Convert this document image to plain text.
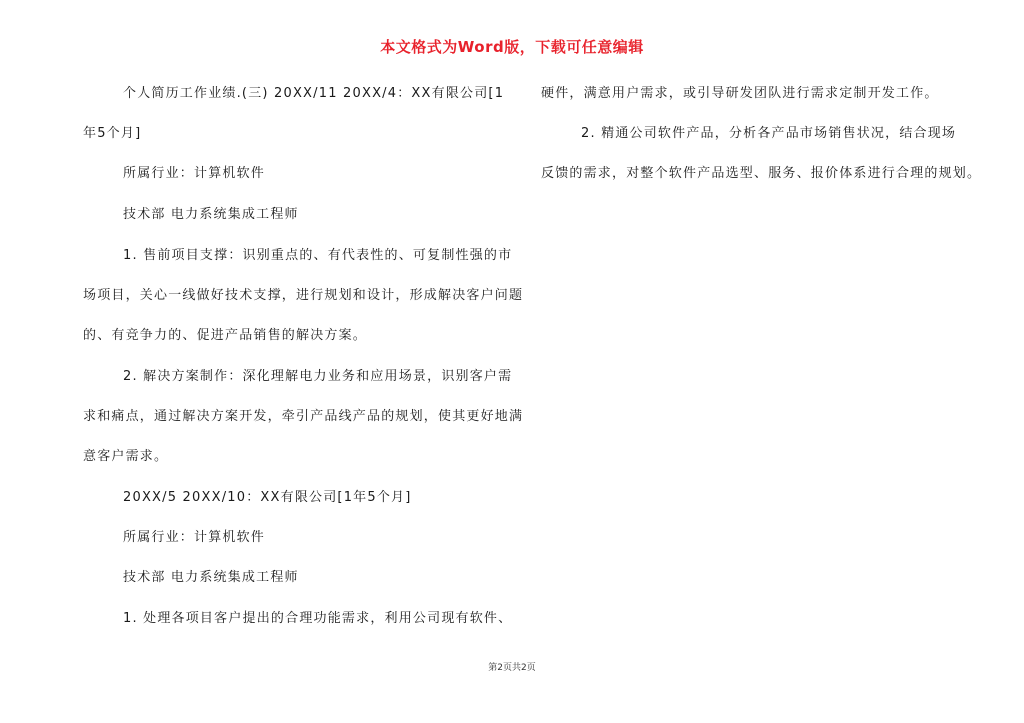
本文格式为Word版，下载可任意编辑
个人简历工作业绩.(三) 20XX/11 20XX/4：XX有限公司[1
年5个月]
所属行业：计算机软件
技术部 电力系统集成工程师
1. 售前项目支撑：识别重点的、有代表性的、可复制性强的市
场项目，关心一线做好技术支撑，进行规划和设计，形成解决客户问题
的、有竞争力的、促进产品销售的解决方案。
2. 解决方案制作：深化理解电力业务和应用场景，识别客户需
求和痛点，通过解决方案开发，牵引产品线产品的规划，使其更好地满
意客户需求。
20XX/5 20XX/10：XX有限公司[1年5个月]
所属行业：计算机软件
技术部 电力系统集成工程师
1. 处理各项目客户提出的合理功能需求，利用公司现有软件、
硬件，满意用户需求，或引导研发团队进行需求定制开发工作。
2. 精通公司软件产品，分析各产品市场销售状况，结合现场
反馈的需求，对整个软件产品选型、服务、报价体系进行合理的规划。
第2页共2页
